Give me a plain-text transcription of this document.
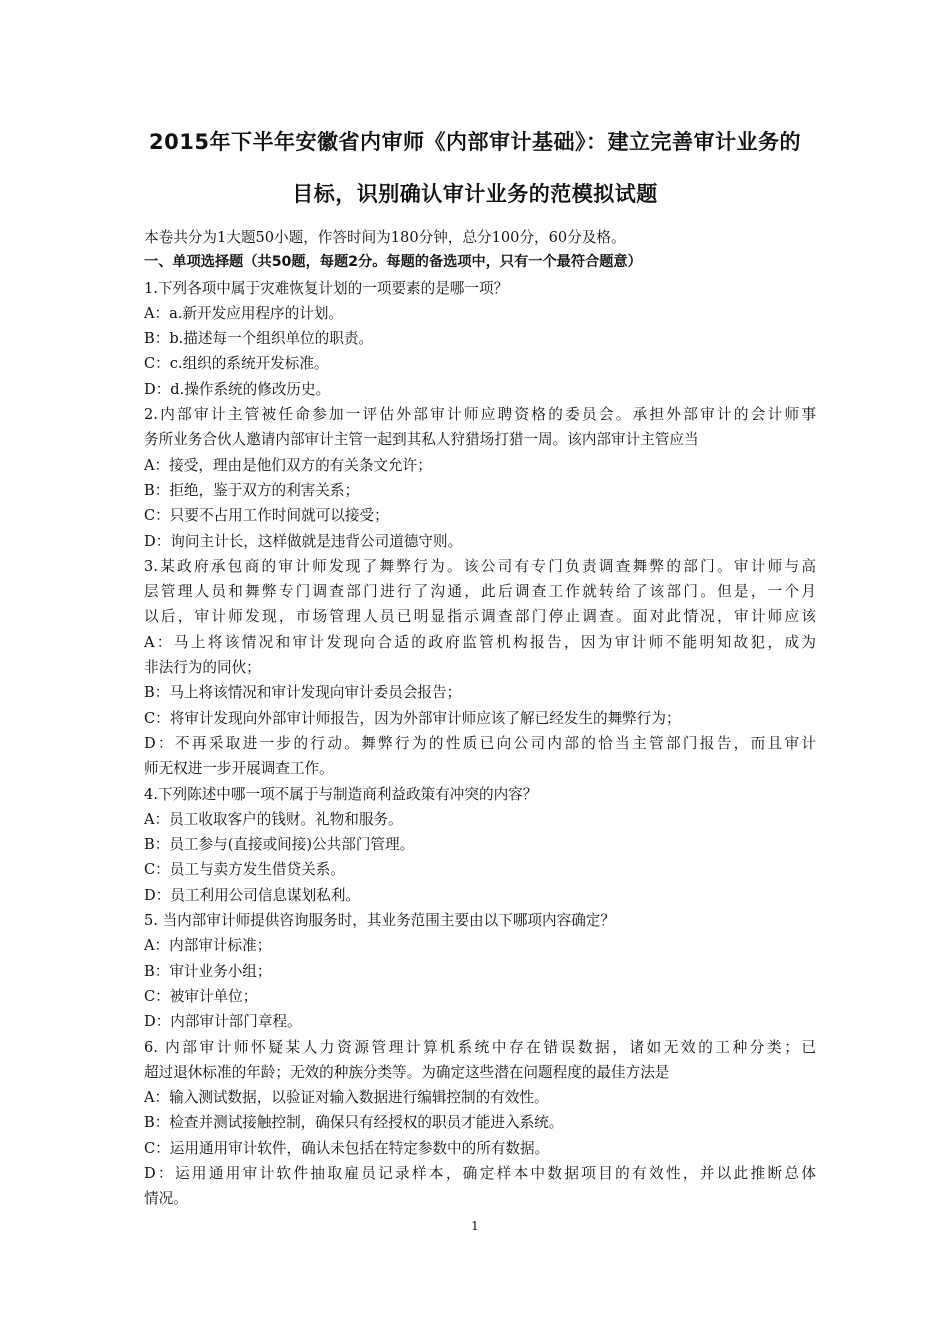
2015年下半年安徽省内审师《内部审计基础》：建立完善审计业务的
目标，识别确认审计业务的范模拟试题
本卷共分为1大题50小题，作答时间为180分钟，总分100分，60分及格。
一、单项选择题（共50题，每题2分。每题的备选项中，只有一个最符合题意）
1.下列各项中属于灾难恢复计划的一项要素的是哪一项？
A：a.新开发应用程序的计划。
B：b.描述每一个组织单位的职责。
C：c.组织的系统开发标准。
D：d.操作系统的修改历史。
2.内部审计主管被任命参加一评估外部审计师应聘资格的委员会。承担外部审计的会计师事
务所业务合伙人邀请内部审计主管一起到其私人狩猎场打猎一周。该内部审计主管应当
A：接受，理由是他们双方的有关条文允许；
B：拒绝，鉴于双方的利害关系；
C：只要不占用工作时间就可以接受；
D：询问主计长，这样做就是违背公司道德守则。
3.某政府承包商的审计师发现了舞弊行为。该公司有专门负责调查舞弊的部门。审计师与高
层管理人员和舞弊专门调查部门进行了沟通，此后调查工作就转给了该部门。但是，一个月
以后，审计师发现，市场管理人员已明显指示调查部门停止调查。面对此情况，审计师应该
A：马上将该情况和审计发现向合适的政府监管机构报告，因为审计师不能明知故犯，成为
非法行为的同伙；
B：马上将该情况和审计发现向审计委员会报告；
C：将审计发现向外部审计师报告，因为外部审计师应该了解已经发生的舞弊行为；
D：不再采取进一步的行动。舞弊行为的性质已向公司内部的恰当主管部门报告，而且审计
师无权进一步开展调查工作。
4.下列陈述中哪一项不属于与制造商利益政策有冲突的内容？
A：员工收取客户的钱财。礼物和服务。
B：员工参与(直接或间接)公共部门管理。
C：员工与卖方发生借贷关系。
D：员工利用公司信息谋划私利。
5. 当内部审计师提供咨询服务时，其业务范围主要由以下哪项内容确定？
A：内部审计标准；
B：审计业务小组；
C：被审计单位；
D：内部审计部门章程。
6. 内部审计师怀疑某人力资源管理计算机系统中存在错误数据，诸如无效的工种分类；已
超过退休标准的年龄；无效的种族分类等。为确定这些潜在问题程度的最佳方法是
A：输入测试数据，以验证对输入数据进行编辑控制的有效性。
B：检查并测试接触控制，确保只有经授权的职员才能进入系统。
C：运用通用审计软件，确认未包括在特定参数中的所有数据。
D：运用通用审计软件抽取雇员记录样本，确定样本中数据项目的有效性，并以此推断总体
情况。
1
